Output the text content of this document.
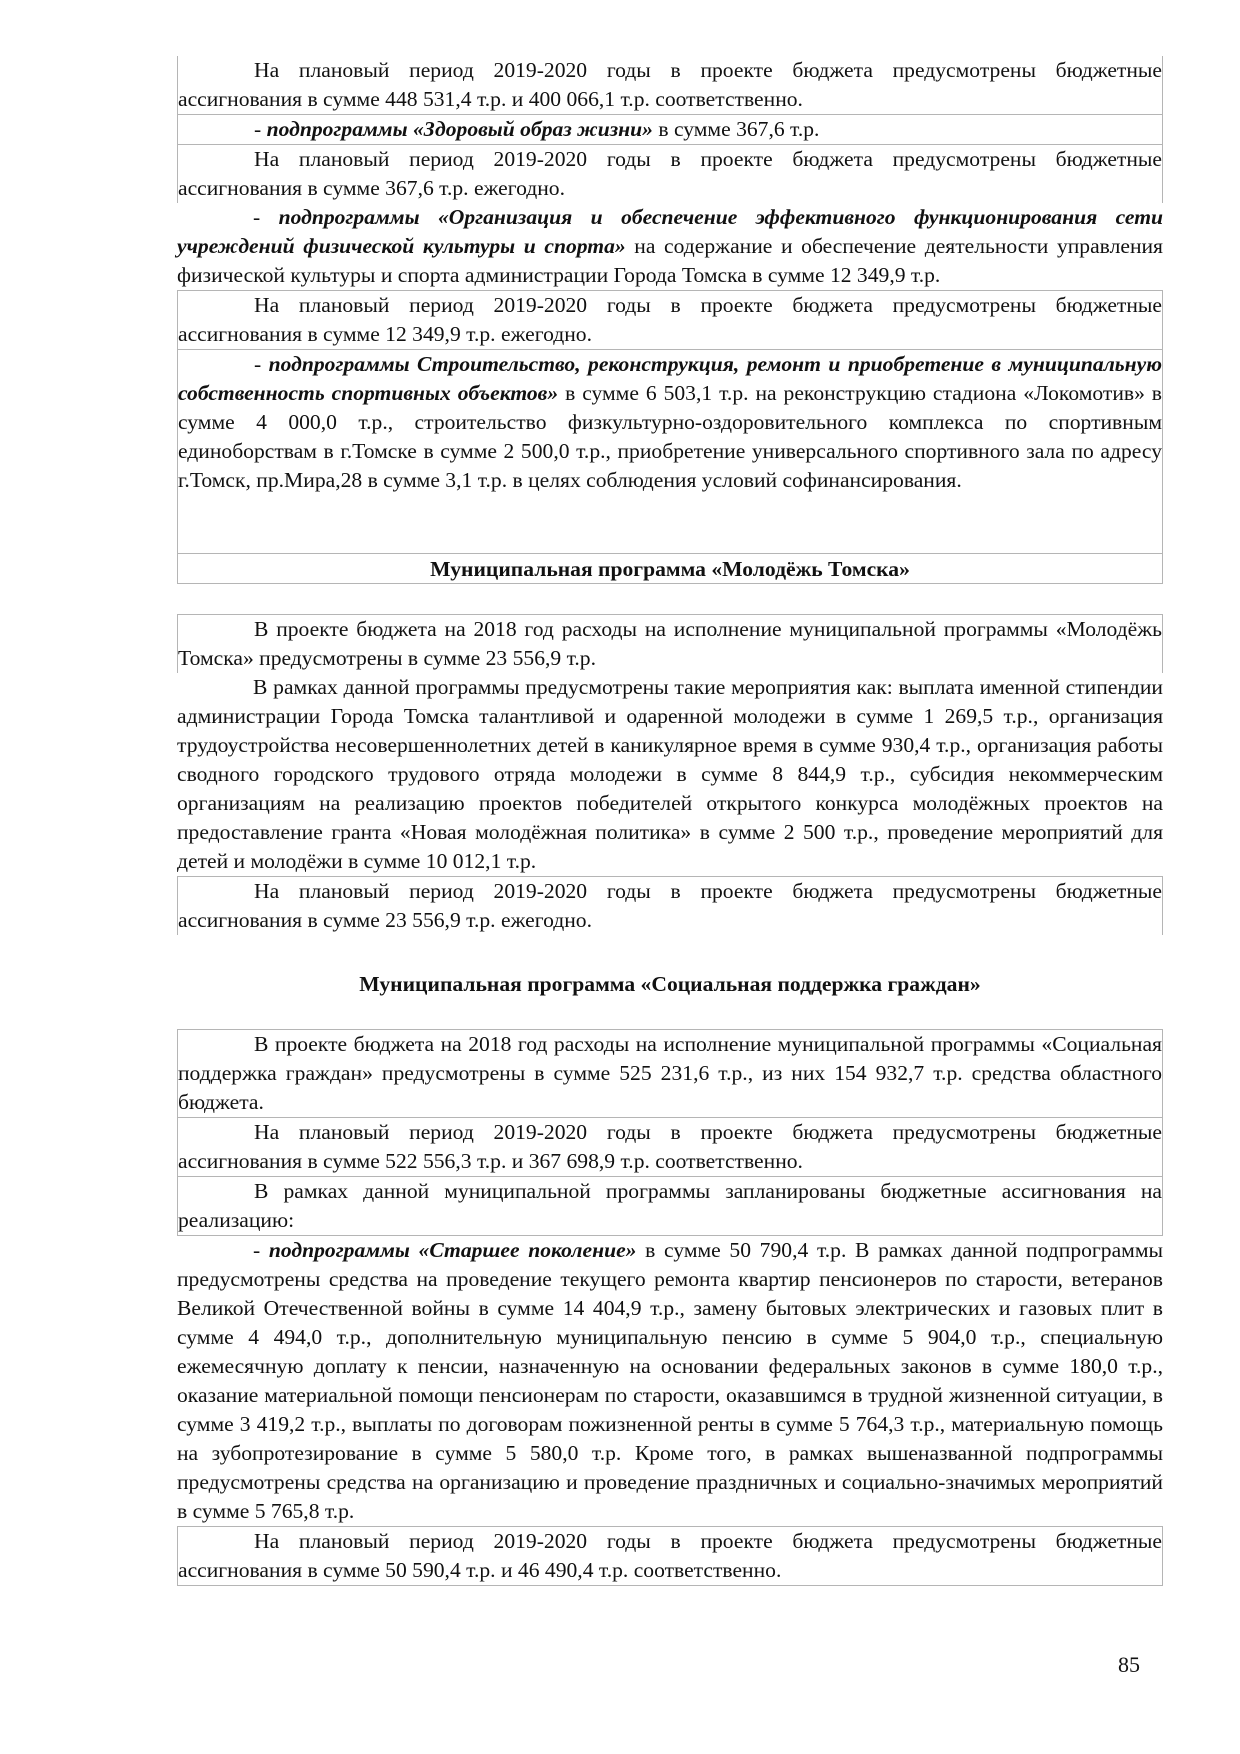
На плановый период 2019-2020 годы в проекте бюджета предусмотрены бюджетные ассигнования в сумме 448 531,4 т.р. и 400 066,1 т.р. соответственно.

- подпрограммы «Здоровый образ жизни» в сумме 367,6 т.р.

На плановый период 2019-2020 годы в проекте бюджета предусмотрены бюджетные ассигнования в сумме 367,6 т.р. ежегодно.

- подпрограммы «Организация и обеспечение эффективного функционирования сети учреждений физической культуры и спорта» на содержание и обеспечение деятельности управления физической культуры и спорта администрации Города Томска в сумме 12 349,9 т.р.

На плановый период 2019-2020 годы в проекте бюджета предусмотрены бюджетные ассигнования в сумме 12 349,9 т.р. ежегодно.

- подпрограммы Строительство, реконструкция, ремонт и приобретение в муниципальную собственность спортивных объектов» в сумме 6 503,1 т.р. на реконструкцию стадиона «Локомотив» в сумме 4 000,0 т.р., строительство физкультурно-оздоровительного комплекса по спортивным единоборствам в г.Томске в сумме 2 500,0 т.р., приобретение универсального спортивного зала по адресу г.Томск, пр.Мира,28 в сумме 3,1 т.р. в целях соблюдения условий софинансирования.

Муниципальная программа «Молодёжь Томска»

В проекте бюджета на 2018 год расходы на исполнение муниципальной программы «Молодёжь Томска» предусмотрены в сумме 23 556,9 т.р.

В рамках данной программы предусмотрены такие мероприятия как: выплата именной стипендии администрации Города Томска талантливой и одаренной молодежи в сумме 1 269,5 т.р., организация трудоустройства несовершеннолетних детей в каникулярное время в сумме 930,4 т.р., организация работы сводного городского трудового отряда молодежи в сумме 8 844,9 т.р., субсидия некоммерческим организациям на реализацию проектов победителей открытого конкурса молодёжных проектов на предоставление гранта «Новая молодёжная политика» в сумме 2 500 т.р., проведение мероприятий для детей и молодёжи в сумме 10 012,1 т.р.

На плановый период 2019-2020 годы в проекте бюджета предусмотрены бюджетные ассигнования в сумме 23 556,9 т.р. ежегодно.

Муниципальная программа «Социальная поддержка граждан»

В проекте бюджета на 2018 год расходы на исполнение муниципальной программы «Социальная поддержка граждан» предусмотрены в сумме 525 231,6 т.р., из них 154 932,7 т.р. средства областного бюджета.

На плановый период 2019-2020 годы в проекте бюджета предусмотрены бюджетные ассигнования в сумме 522 556,3 т.р. и 367 698,9 т.р. соответственно.

В рамках данной муниципальной программы запланированы бюджетные ассигнования на реализацию:

- подпрограммы «Старшее поколение» в сумме 50 790,4 т.р. В рамках данной подпрограммы предусмотрены средства на проведение текущего ремонта квартир пенсионеров по старости, ветеранов Великой Отечественной войны в сумме 14 404,9 т.р., замену бытовых электрических и газовых плит в сумме 4 494,0 т.р., дополнительную муниципальную пенсию в сумме 5 904,0 т.р., специальную ежемесячную доплату к пенсии, назначенную на основании федеральных законов в сумме 180,0 т.р., оказание материальной помощи пенсионерам по старости, оказавшимся в трудной жизненной ситуации, в сумме 3 419,2 т.р., выплаты по договорам пожизненной ренты в сумме 5 764,3 т.р., материальную помощь на зубопротезирование в сумме 5 580,0 т.р. Кроме того, в рамках вышеназванной подпрограммы предусмотрены средства на организацию и проведение праздничных и социально-значимых мероприятий в сумме 5 765,8 т.р.

На плановый период 2019-2020 годы в проекте бюджета предусмотрены бюджетные ассигнования в сумме 50 590,4 т.р. и 46 490,4 т.р. соответственно.

85
